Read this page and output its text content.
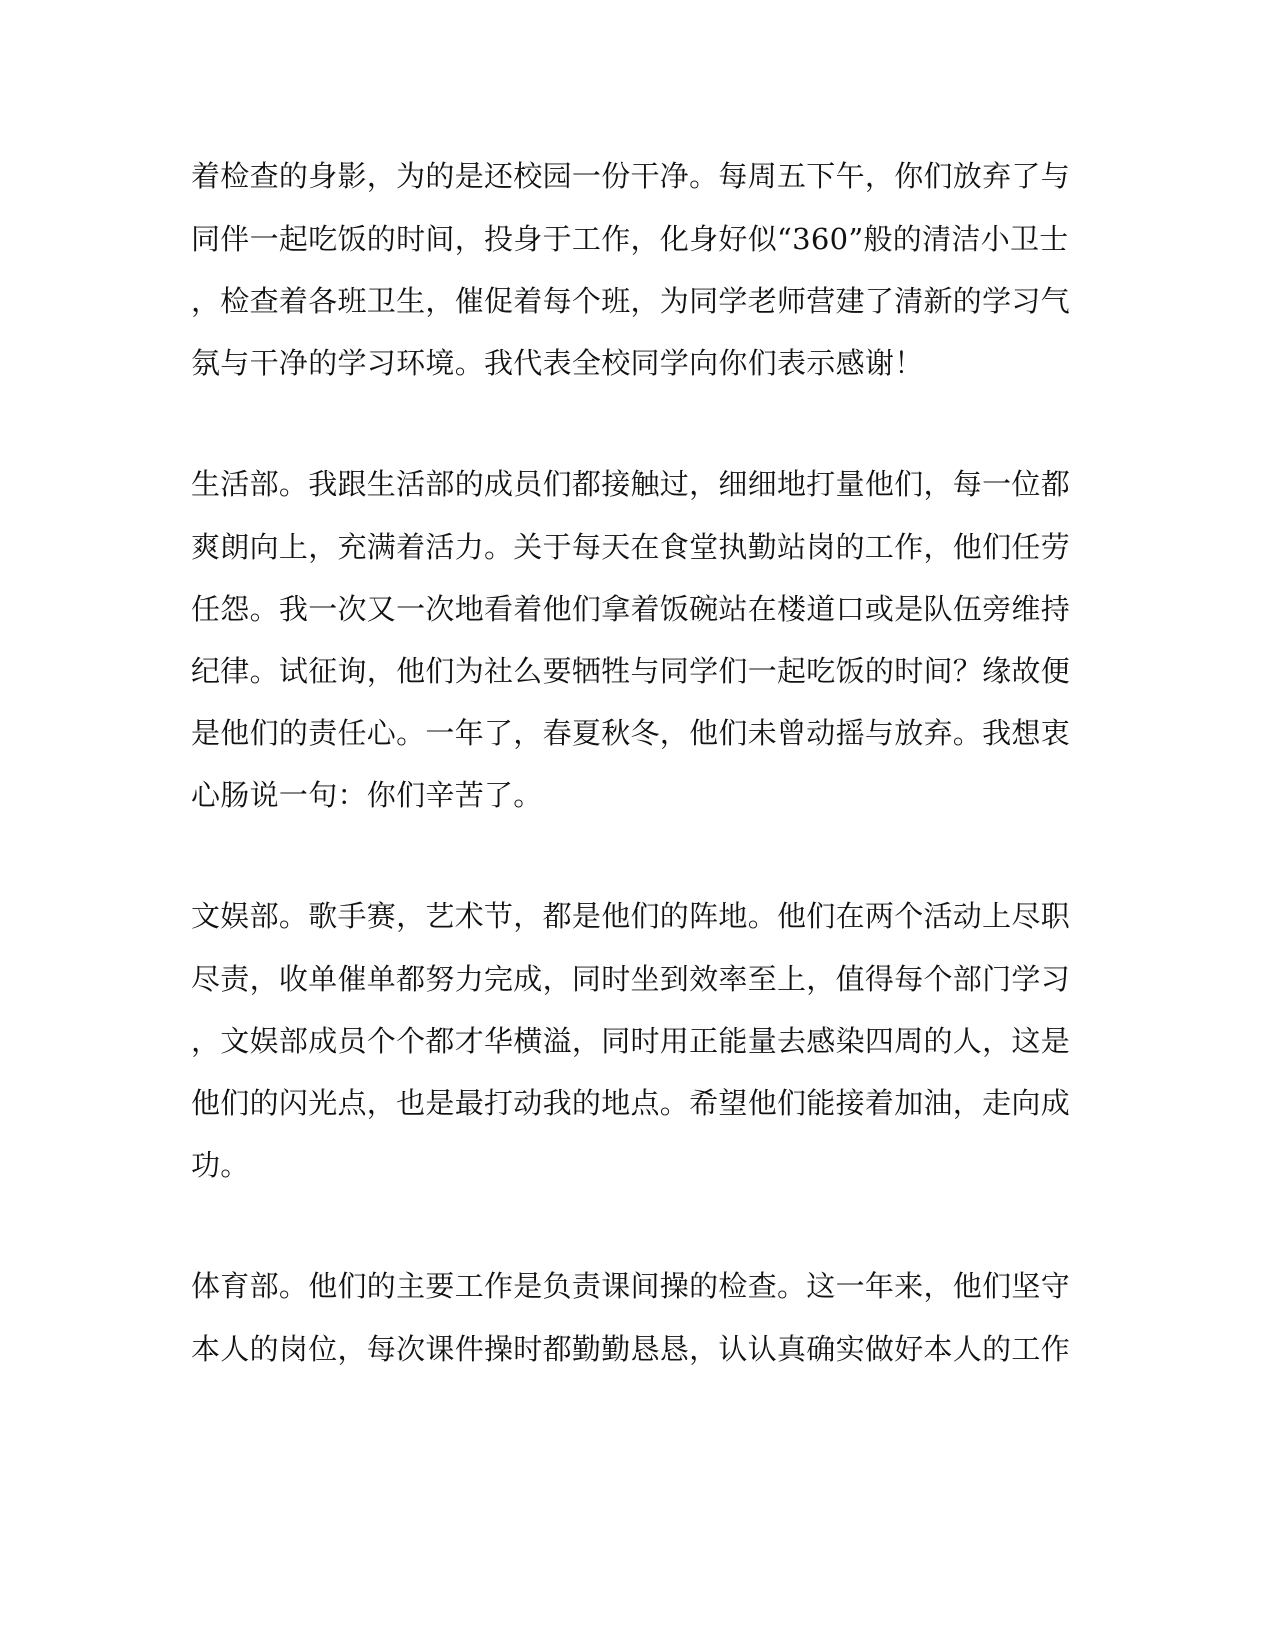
着检查的身影，为的是还校园一份干净。每周五下午，你们放弃了与
同伴一起吃饭的时间，投身于工作，化身好似“360”般的清洁小卫士
，检查着各班卫生，催促着每个班，为同学老师营建了清新的学习气
氛与干净的学习环境。我代表全校同学向你们表示感谢！
生活部。我跟生活部的成员们都接触过，细细地打量他们，每一位都
爽朗向上，充满着活力。关于每天在食堂执勤站岗的工作，他们任劳
任怨。我一次又一次地看着他们拿着饭碗站在楼道口或是队伍旁维持
纪律。试征询，他们为社么要牺牲与同学们一起吃饭的时间？缘故便
是他们的责任心。一年了，春夏秋冬，他们未曾动摇与放弃。我想衷
心肠说一句：你们辛苦了。
文娱部。歌手赛，艺术节，都是他们的阵地。他们在两个活动上尽职
尽责，收单催单都努力完成，同时坐到效率至上，值得每个部门学习
，文娱部成员个个都才华横溢，同时用正能量去感染四周的人，这是
他们的闪光点，也是最打动我的地点。希望他们能接着加油，走向成
功。
体育部。他们的主要工作是负责课间操的检查。这一年来，他们坚守
本人的岗位，每次课件操时都勤勤恳恳，认认真确实做好本人的工作
